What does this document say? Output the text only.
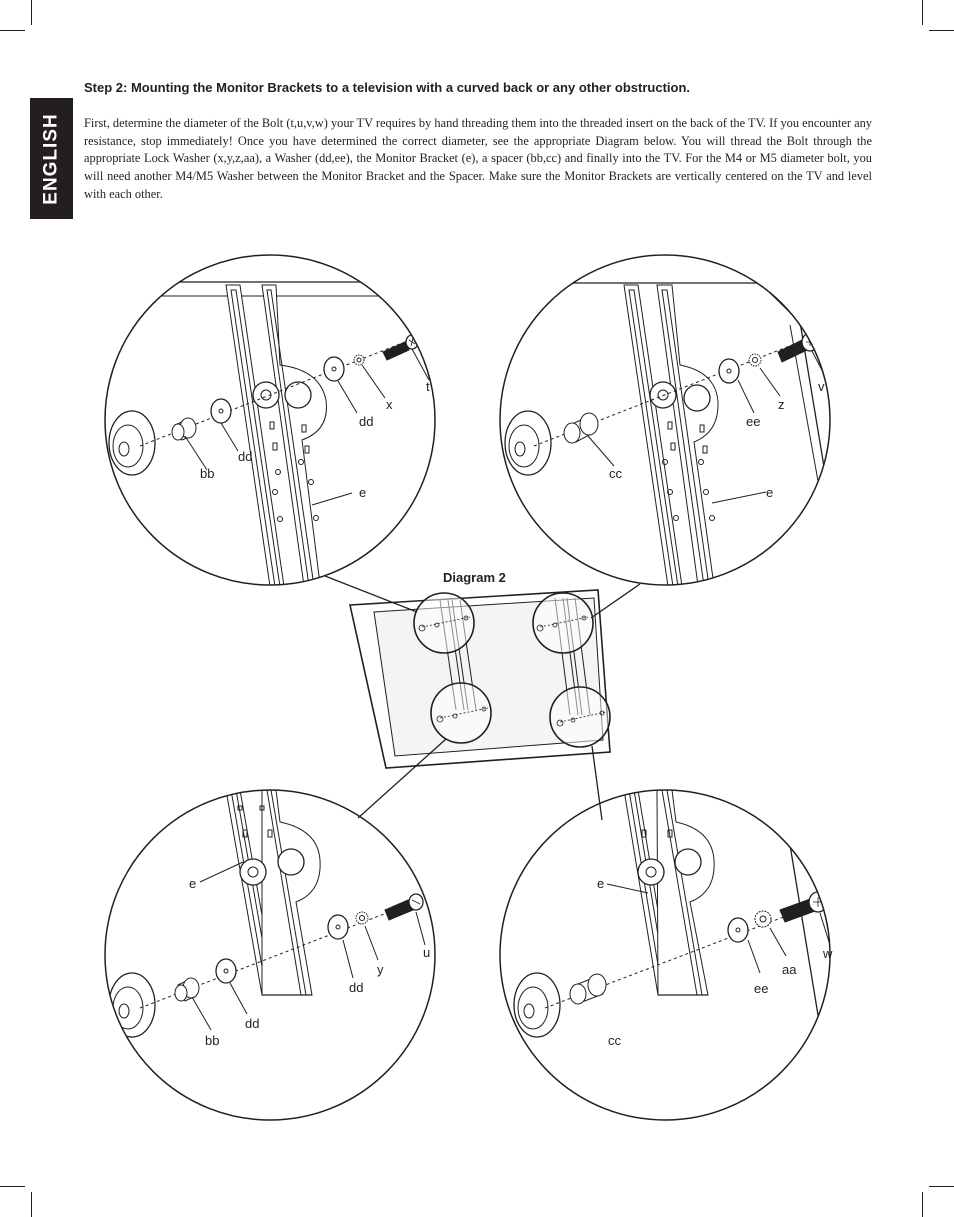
ENGLISH
Step 2: Mounting the Monitor Brackets to a television with a curved back or any other obstruction.
First, determine the diameter of the Bolt (t,u,v,w) your TV requires by hand threading them into the threaded insert on the back of the TV. If you encounter any resistance, stop immediately! Once you have determined the correct diameter, see the appropriate Diagram below. You will thread the Bolt through the appropriate Lock Washer (x,y,z,aa), a Washer (dd,ee), the Monitor Bracket (e), a spacer (bb,cc) and finally into the TV. For the M4 or M5 diameter bolt, you will need another M4/M5 Washer between the Monitor Bracket and the Spacer. Make sure the Monitor Brackets are vertically centered on the TV and level with each other.
Diagram 2
t
x
dd
dd
bb
e
v
z
ee
cc
e
e
u
y
dd
dd
bb
e
w
aa
ee
cc
